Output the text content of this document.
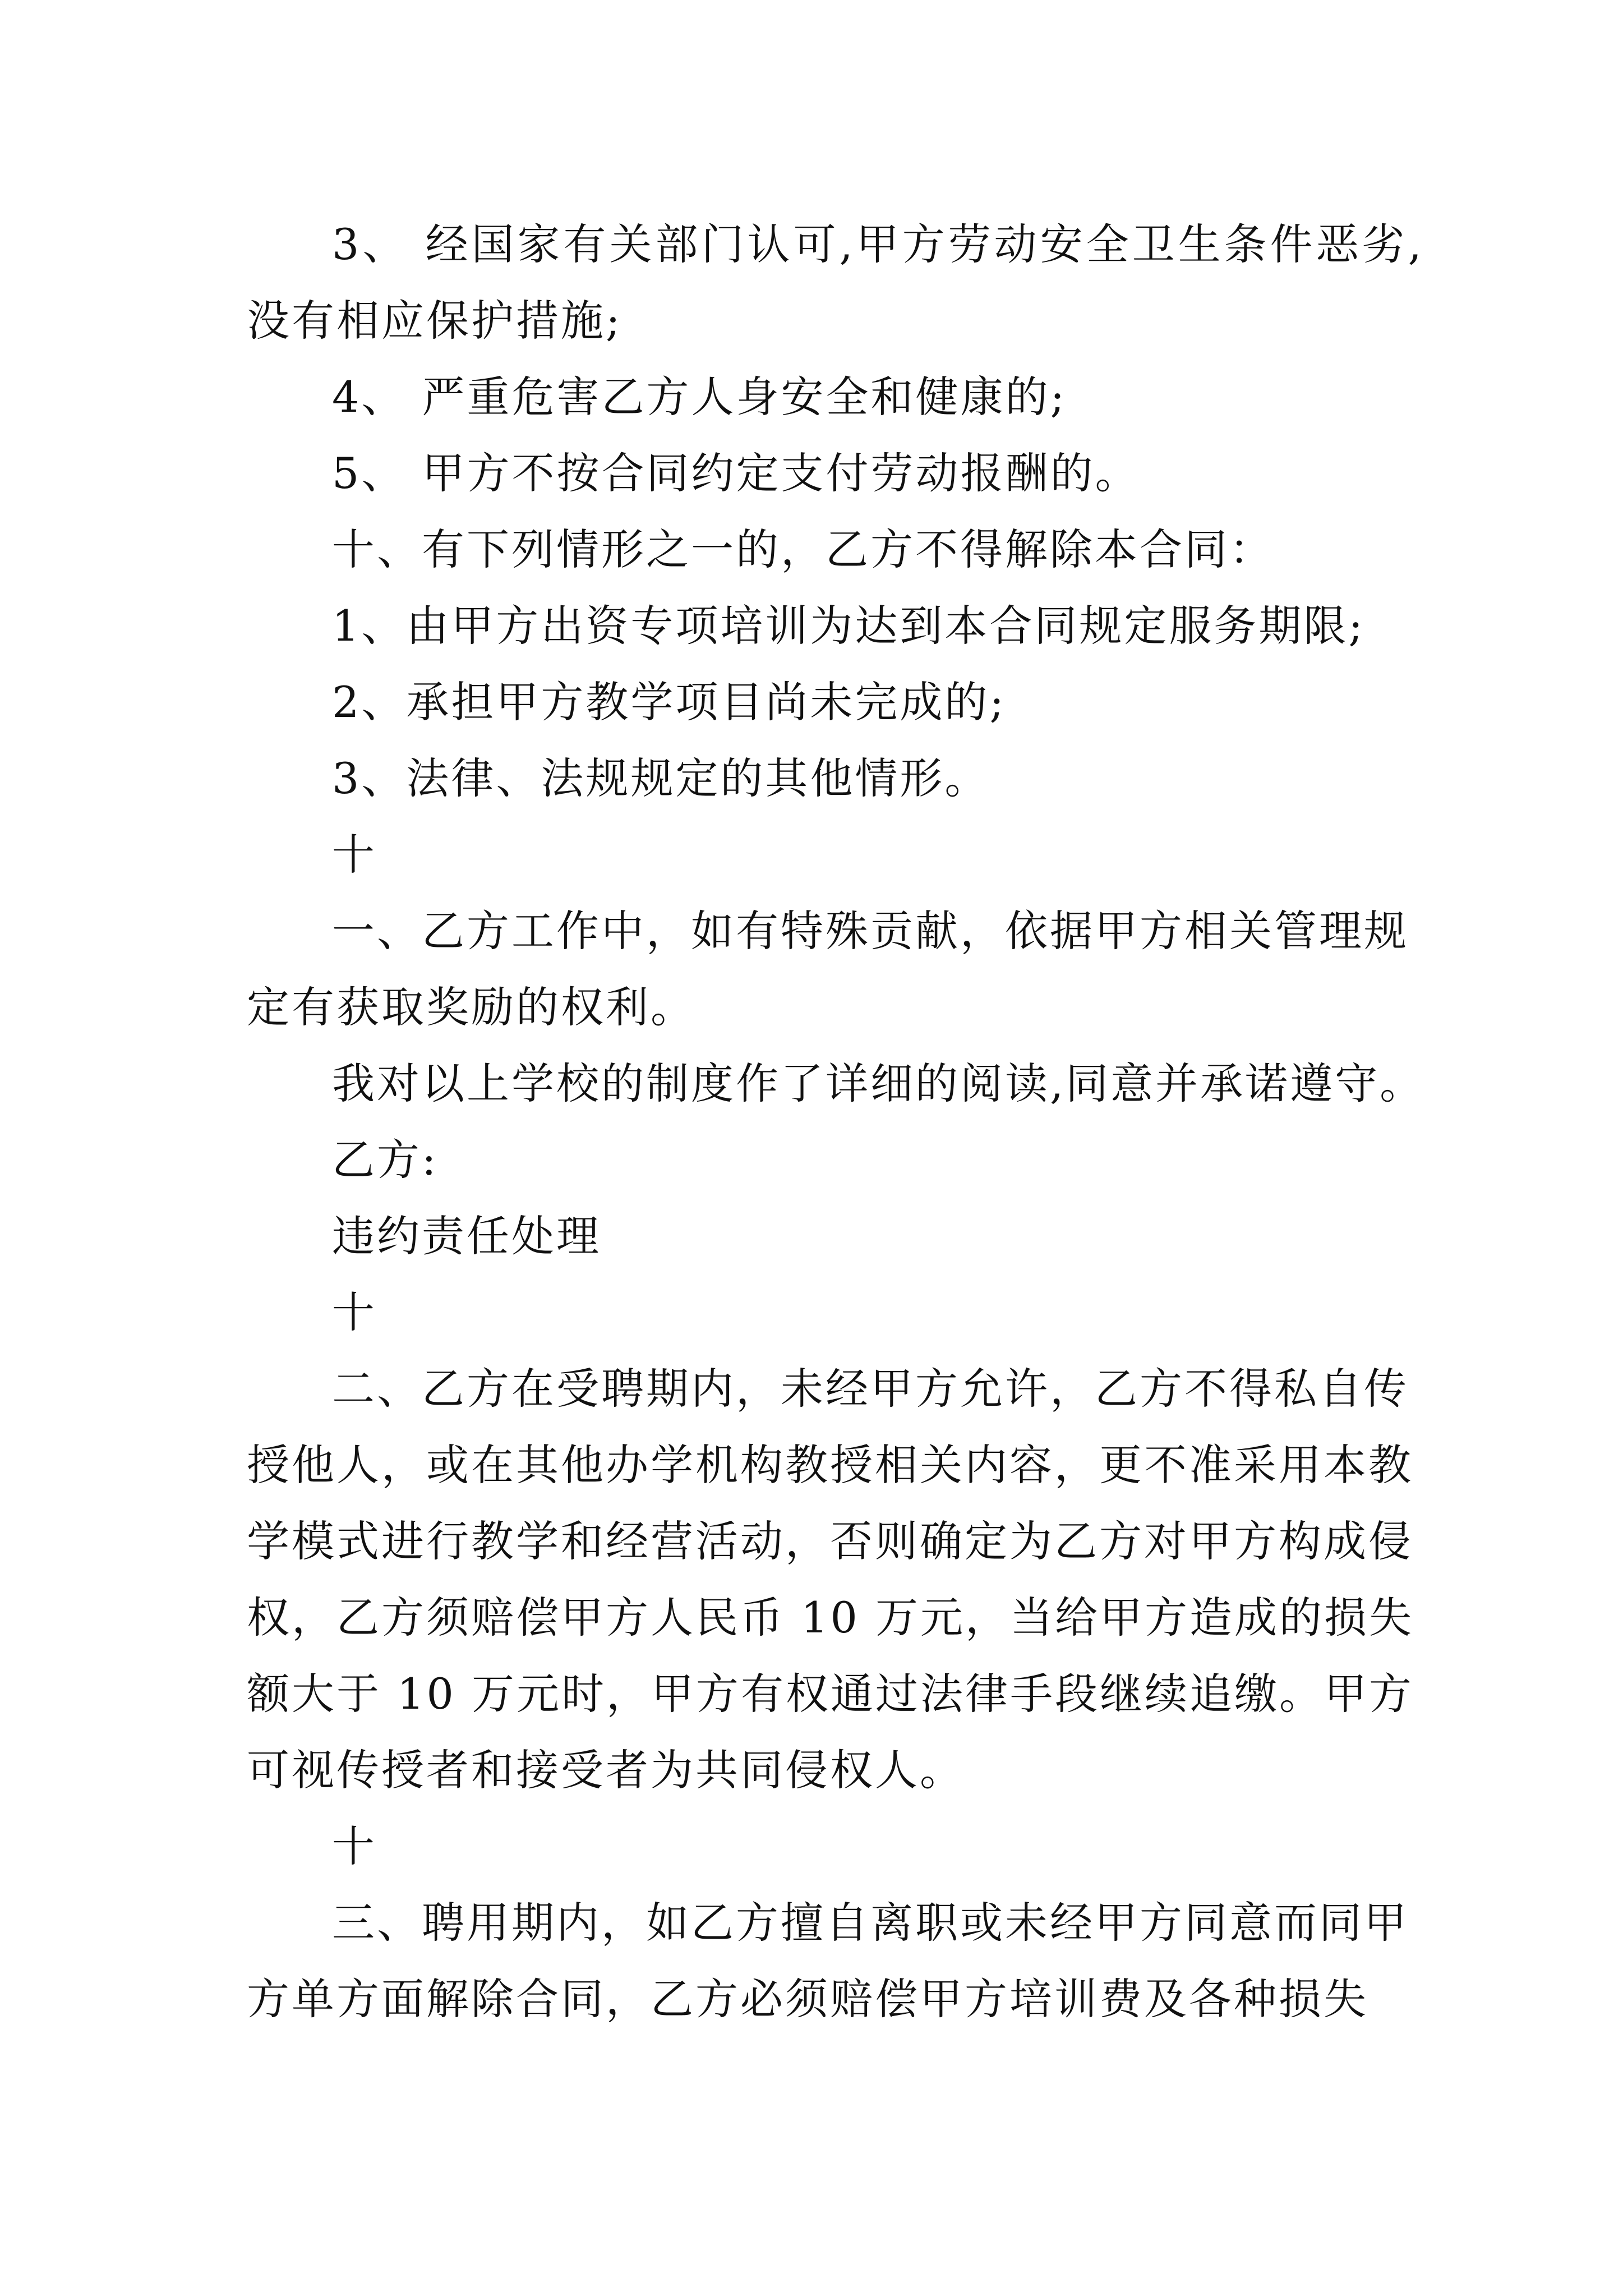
3、 经国家有关部门认可,甲方劳动安全卫生条件恶劣,
没有相应保护措施;
4、 严重危害乙方人身安全和健康的;
5、 甲方不按合同约定支付劳动报酬的。
十、有下列情形之一的，乙方不得解除本合同：
1、由甲方出资专项培训为达到本合同规定服务期限;
2、承担甲方教学项目尚未完成的;
3、法律、法规规定的其他情形。
十
一、乙方工作中，如有特殊贡献，依据甲方相关管理规
定有获取奖励的权利。
我对以上学校的制度作了详细的阅读,同意并承诺遵守。
乙方:
违约责任处理
十
二、乙方在受聘期内，未经甲方允许，乙方不得私自传
授他人，或在其他办学机构教授相关内容，更不准采用本教
学模式进行教学和经营活动，否则确定为乙方对甲方构成侵
权，乙方须赔偿甲方人民币 10 万元，当给甲方造成的损失
额大于 10 万元时，甲方有权通过法律手段继续追缴。甲方
可视传授者和接受者为共同侵权人。
十
三、聘用期内，如乙方擅自离职或未经甲方同意而同甲
方单方面解除合同，乙方必须赔偿甲方培训费及各种损失
